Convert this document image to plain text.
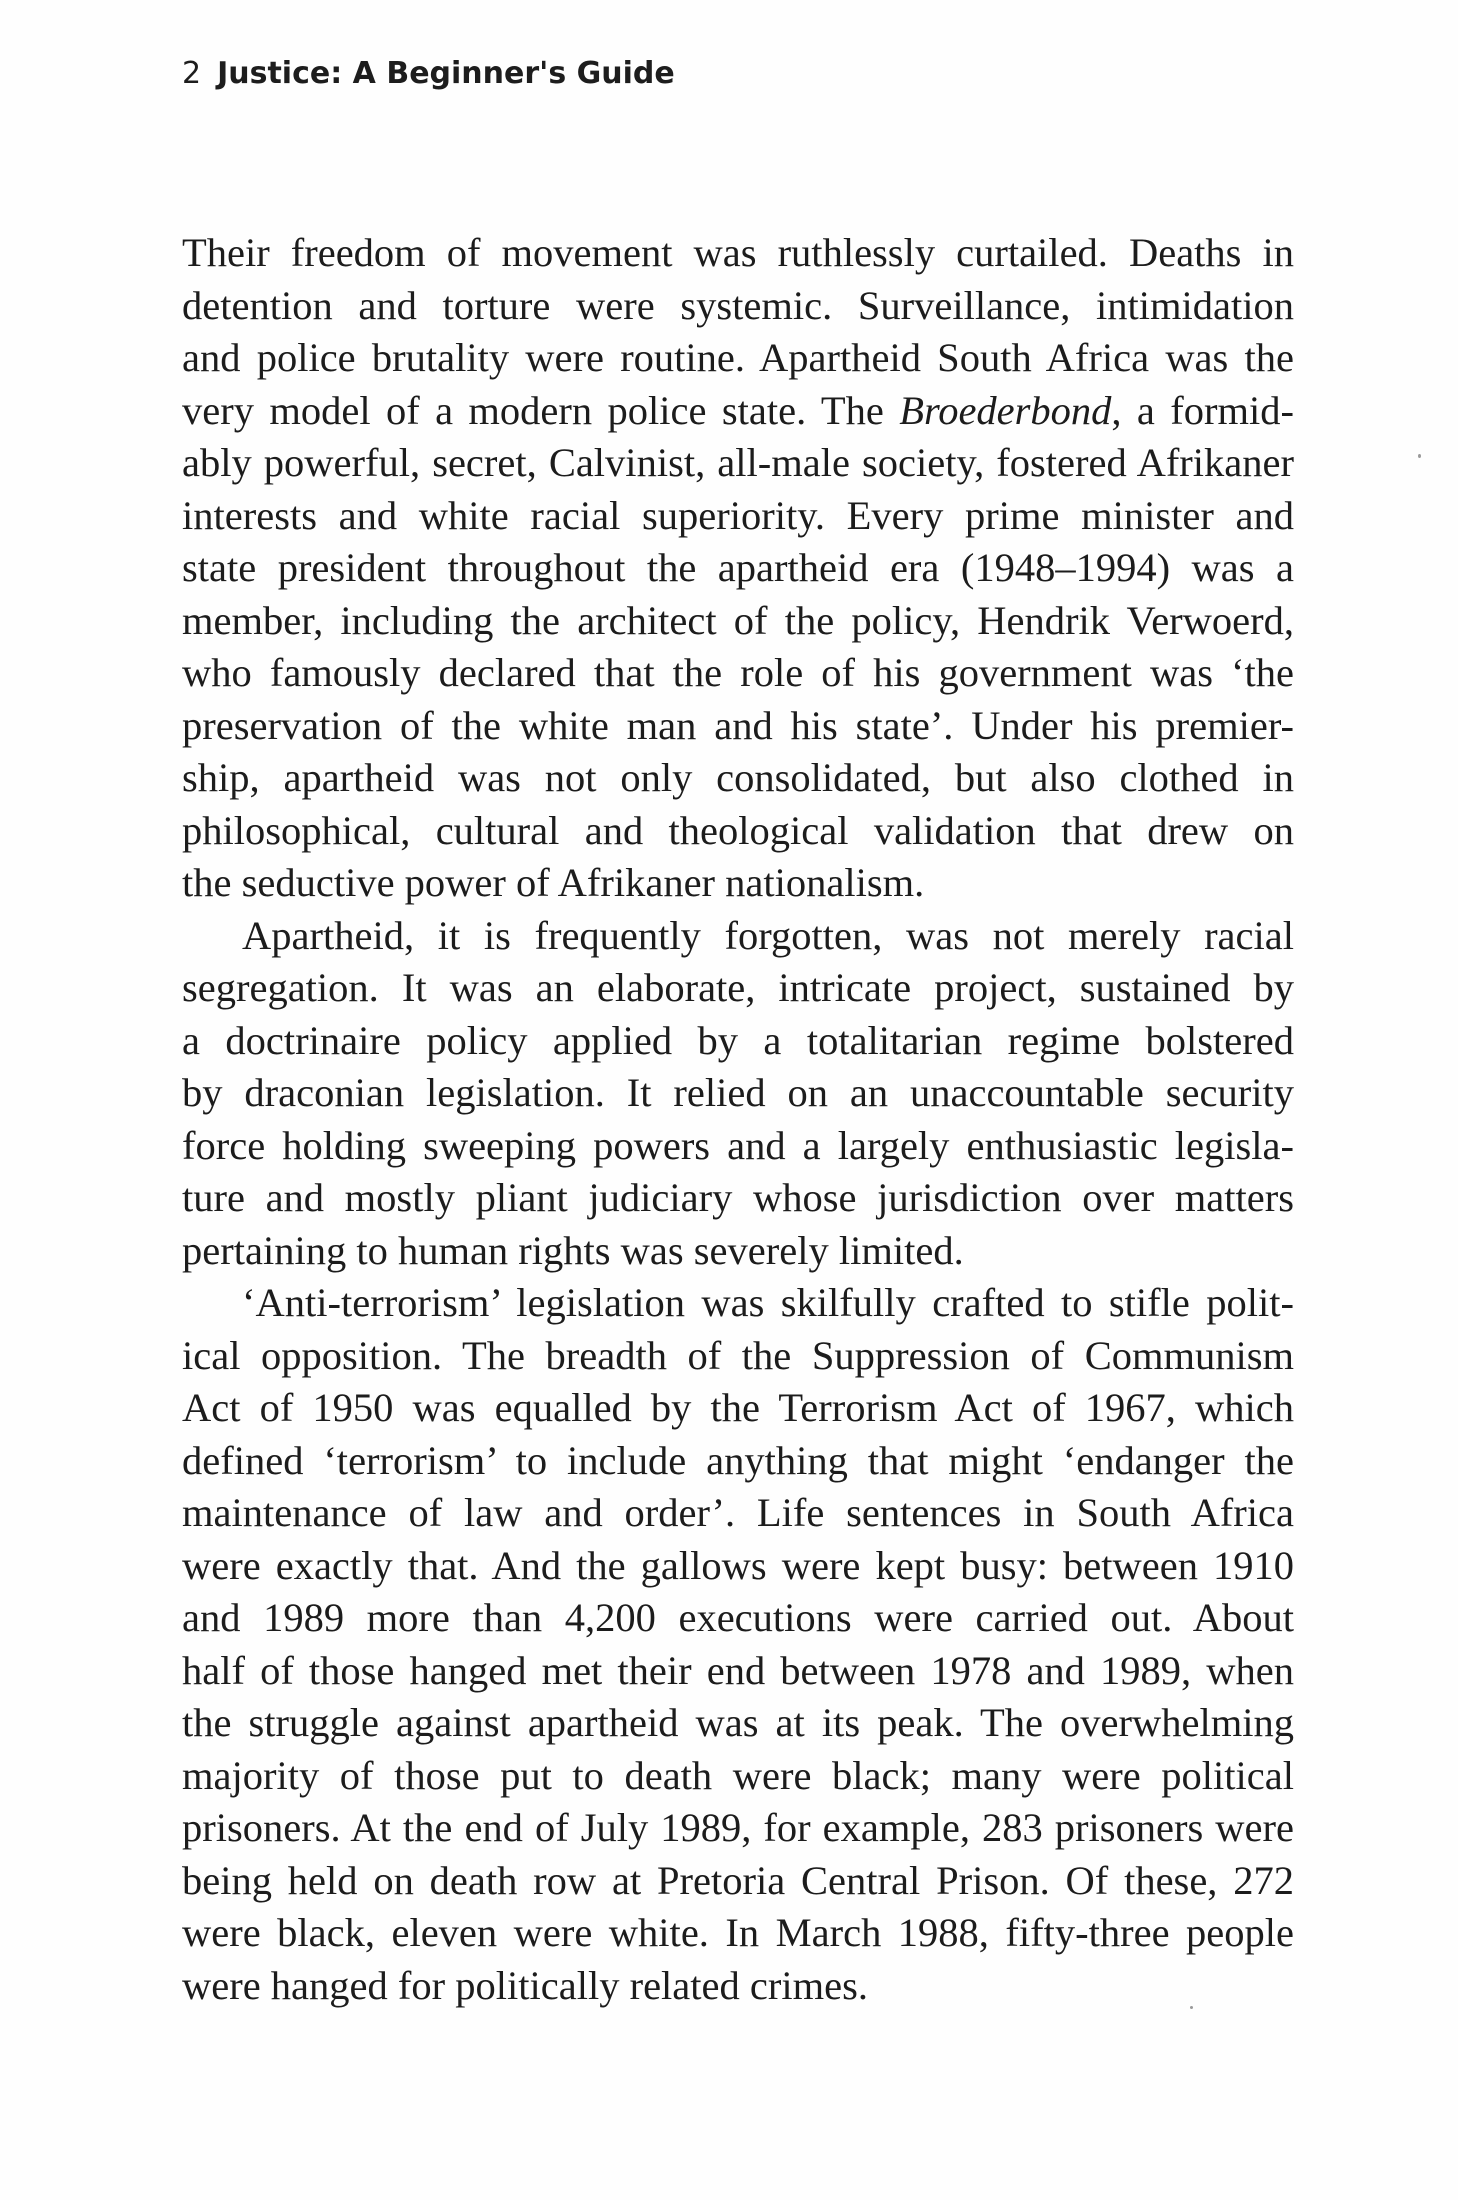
2 Justice: A Beginner's Guide
Their freedom of movement was ruthlessly curtailed. Deaths in
detention and torture were systemic. Surveillance, intimidation
and police brutality were routine. Apartheid South Africa was the
very model of a modern police state. The Broederbond, a formid-
ably powerful, secret, Calvinist, all-male society, fostered Afrikaner
interests and white racial superiority. Every prime minister and
state president throughout the apartheid era (1948–1994) was a
member, including the architect of the policy, Hendrik Verwoerd,
who famously declared that the role of his government was ‘the
preservation of the white man and his state’. Under his premier-
ship, apartheid was not only consolidated, but also clothed in
philosophical, cultural and theological validation that drew on
the seductive power of Afrikaner nationalism.
Apartheid, it is frequently forgotten, was not merely racial
segregation. It was an elaborate, intricate project, sustained by
a doctrinaire policy applied by a totalitarian regime bolstered
by draconian legislation. It relied on an unaccountable security
force holding sweeping powers and a largely enthusiastic legisla-
ture and mostly pliant judiciary whose jurisdiction over matters
pertaining to human rights was severely limited.
‘Anti-terrorism’ legislation was skilfully crafted to stifle polit-
ical opposition. The breadth of the Suppression of Communism
Act of 1950 was equalled by the Terrorism Act of 1967, which
defined ‘terrorism’ to include anything that might ‘endanger the
maintenance of law and order’. Life sentences in South Africa
were exactly that. And the gallows were kept busy: between 1910
and 1989 more than 4,200 executions were carried out. About
half of those hanged met their end between 1978 and 1989, when
the struggle against apartheid was at its peak. The overwhelming
majority of those put to death were black; many were political
prisoners. At the end of July 1989, for example, 283 prisoners were
being held on death row at Pretoria Central Prison. Of these, 272
were black, eleven were white. In March 1988, fifty-three people
were hanged for politically related crimes.
